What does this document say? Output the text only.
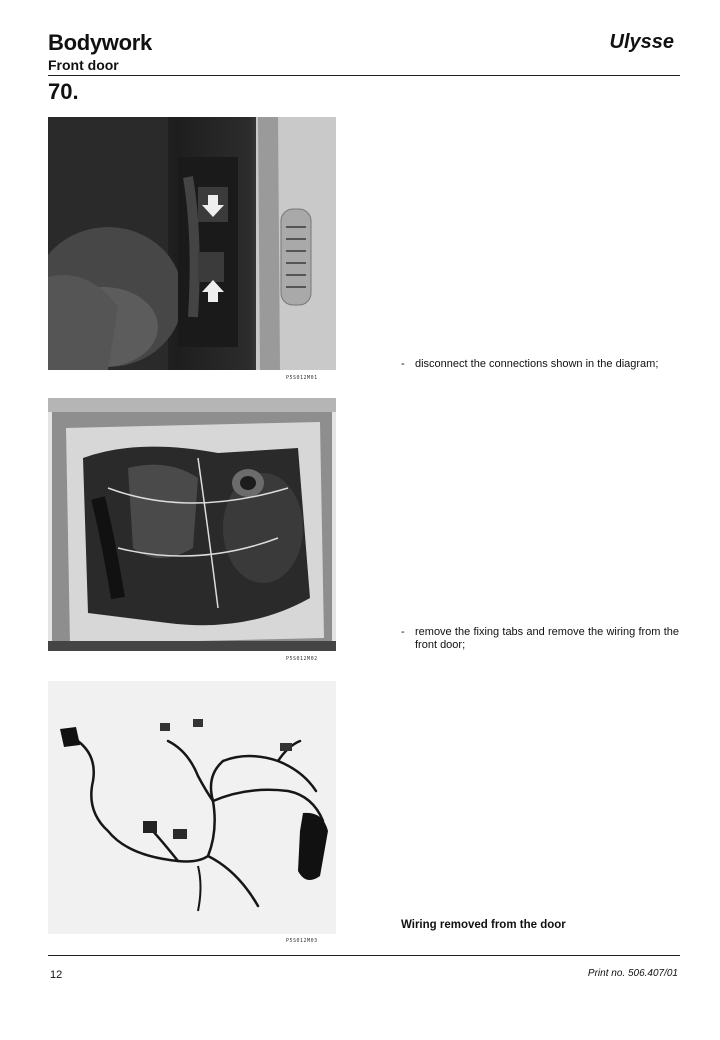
Bodywork
Front door
Ulysse
70.
P5S012M01
P5S012M02
P5S012M03
- disconnect the connections shown in the diagram;
- remove the fixing tabs and remove the wiring from the front door;
Wiring removed from the door
12	Print no. 506.407/01
